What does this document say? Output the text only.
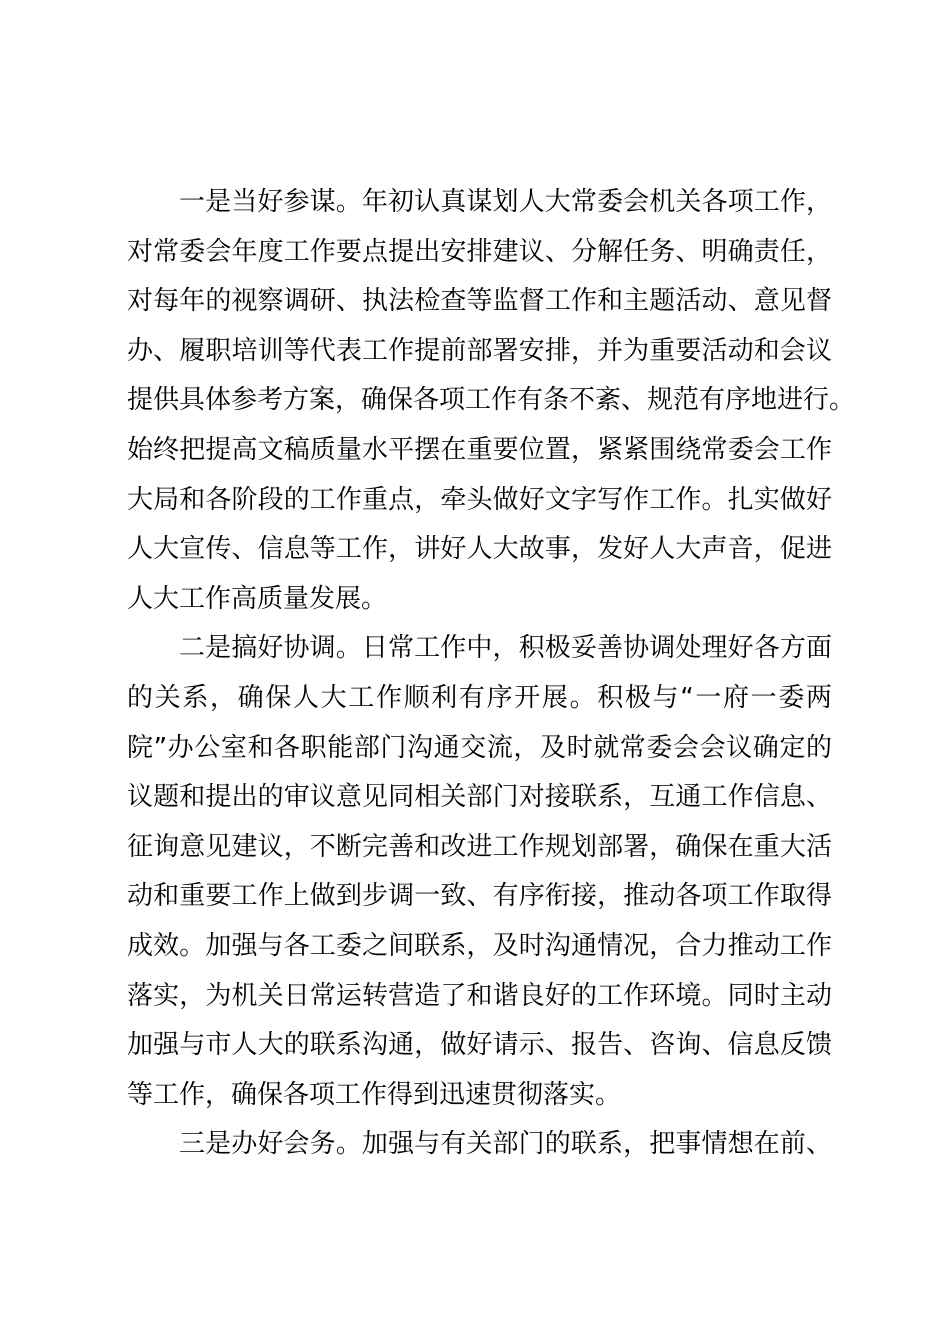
一是当好参谋。年初认真谋划人大常委会机关各项工作，
对常委会年度工作要点提出安排建议、分解任务、明确责任，
对每年的视察调研、执法检查等监督工作和主题活动、意见督
办、履职培训等代表工作提前部署安排，并为重要活动和会议
提供具体参考方案，确保各项工作有条不紊、规范有序地进行。
始终把提高文稿质量水平摆在重要位置，紧紧围绕常委会工作
大局和各阶段的工作重点，牵头做好文字写作工作。扎实做好
人大宣传、信息等工作，讲好人大故事，发好人大声音，促进
人大工作高质量发展。
二是搞好协调。日常工作中，积极妥善协调处理好各方面
的关系，确保人大工作顺利有序开展。积极与“一府一委两
院”办公室和各职能部门沟通交流，及时就常委会会议确定的
议题和提出的审议意见同相关部门对接联系，互通工作信息、
征询意见建议，不断完善和改进工作规划部署，确保在重大活
动和重要工作上做到步调一致、有序衔接，推动各项工作取得
成效。加强与各工委之间联系，及时沟通情况，合力推动工作
落实，为机关日常运转营造了和谐良好的工作环境。同时主动
加强与市人大的联系沟通，做好请示、报告、咨询、信息反馈
等工作，确保各项工作得到迅速贯彻落实。
三是办好会务。加强与有关部门的联系，把事情想在前、
